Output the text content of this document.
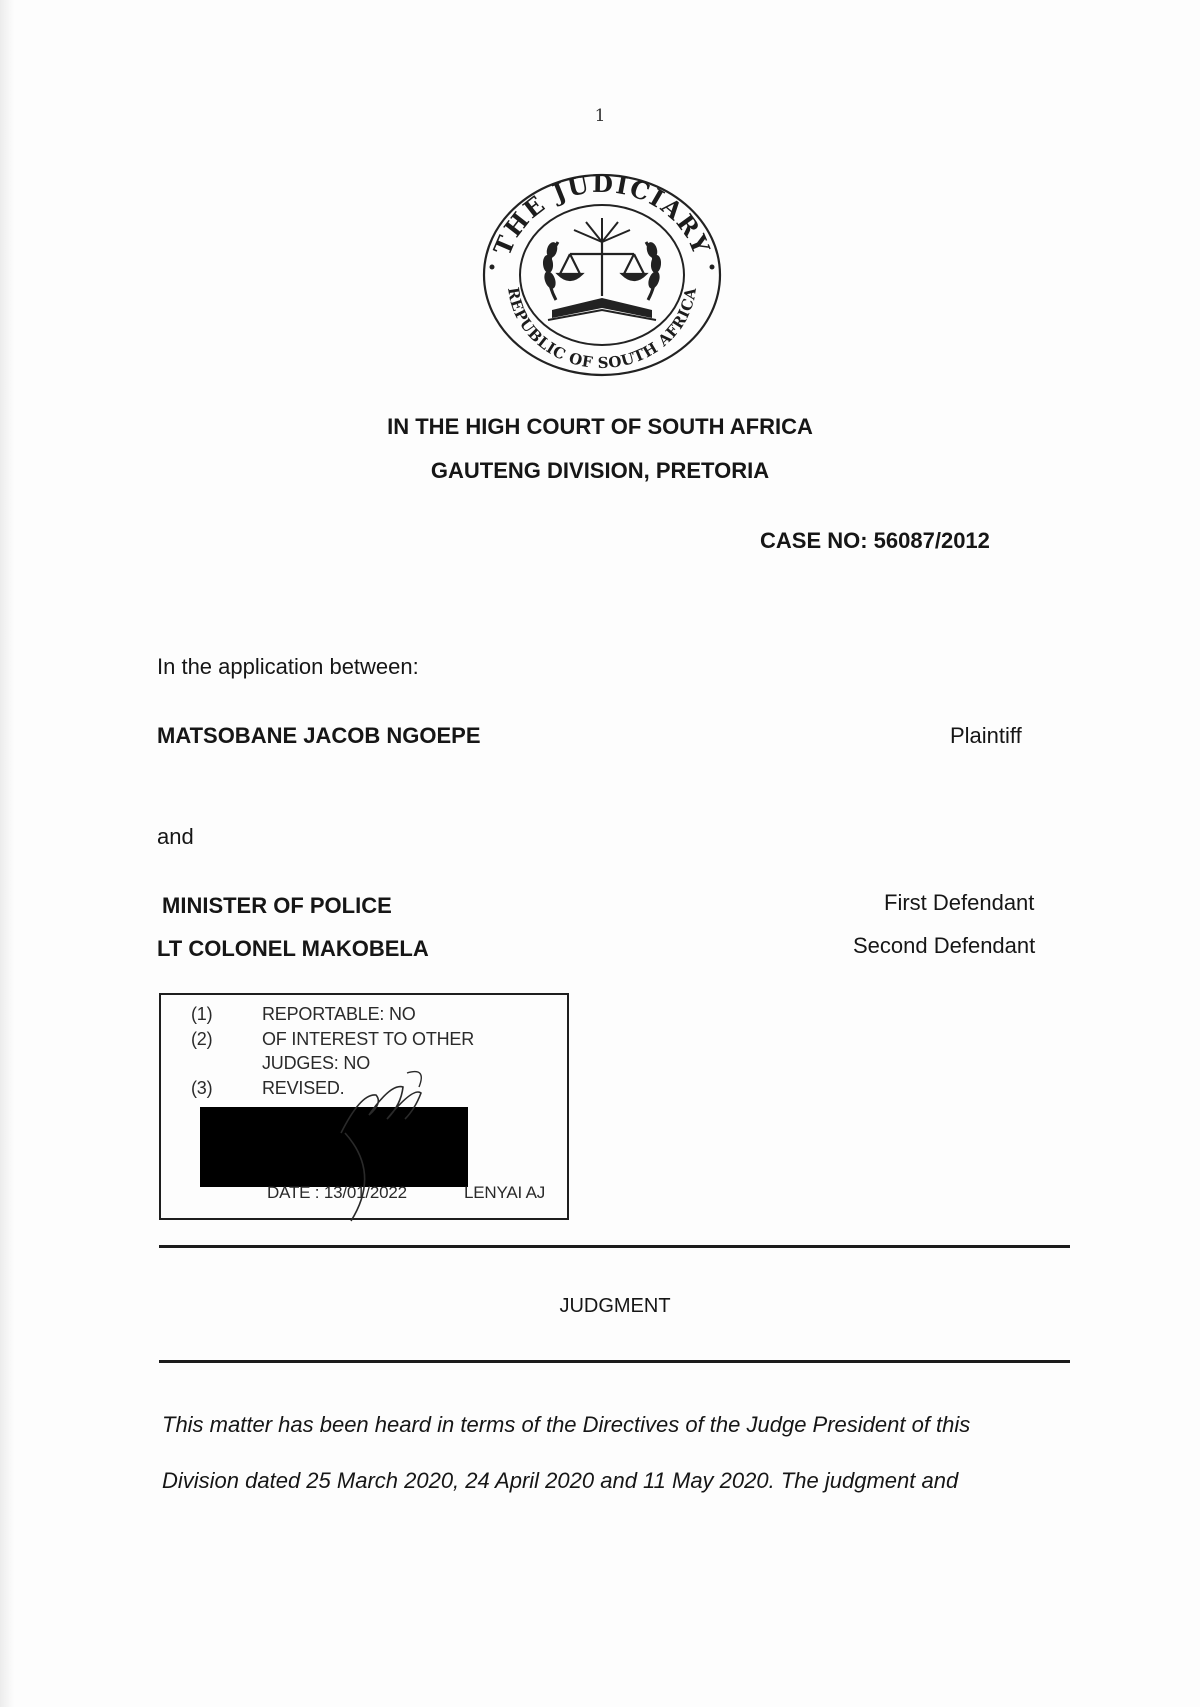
1
THE JUDICIARY
REPUBLIC OF SOUTH AFRICA
IN THE HIGH COURT OF SOUTH AFRICA
GAUTENG DIVISION, PRETORIA
CASE NO: 56087/2012
In the application between:
MATSOBANE JACOB NGOEPE	Plaintiff
and
MINISTER OF POLICE	First Defendant
LT COLONEL MAKOBELA	Second Defendant
(1)	REPORTABLE: NO
(2)	OF INTEREST TO OTHER
JUDGES: NO
(3)	REVISED.
DATE : 13/01/2022	LENYAI AJ
JUDGMENT
This matter has been heard in terms of the Directives of the Judge President of this
Division dated 25 March 2020, 24 April 2020 and 11 May 2020. The judgment and
